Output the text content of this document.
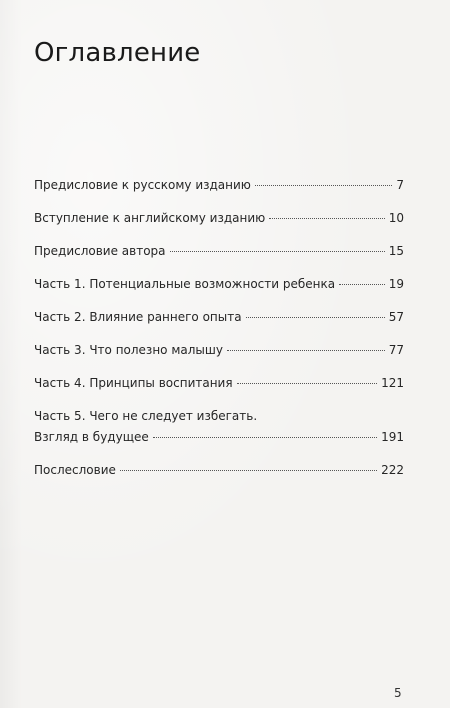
Оглавление
Предисловие к русскому изданию	7
Вступление к английскому изданию	10
Предисловие автора	15
Часть 1. Потенциальные возможности ребенка	19
Часть 2. Влияние раннего опыта	57
Часть 3. Что полезно малышу	77
Часть 4. Принципы воспитания	121
Часть 5. Чего не следует избегать.
Взгляд в будущее	191
Послесловие	222
5
